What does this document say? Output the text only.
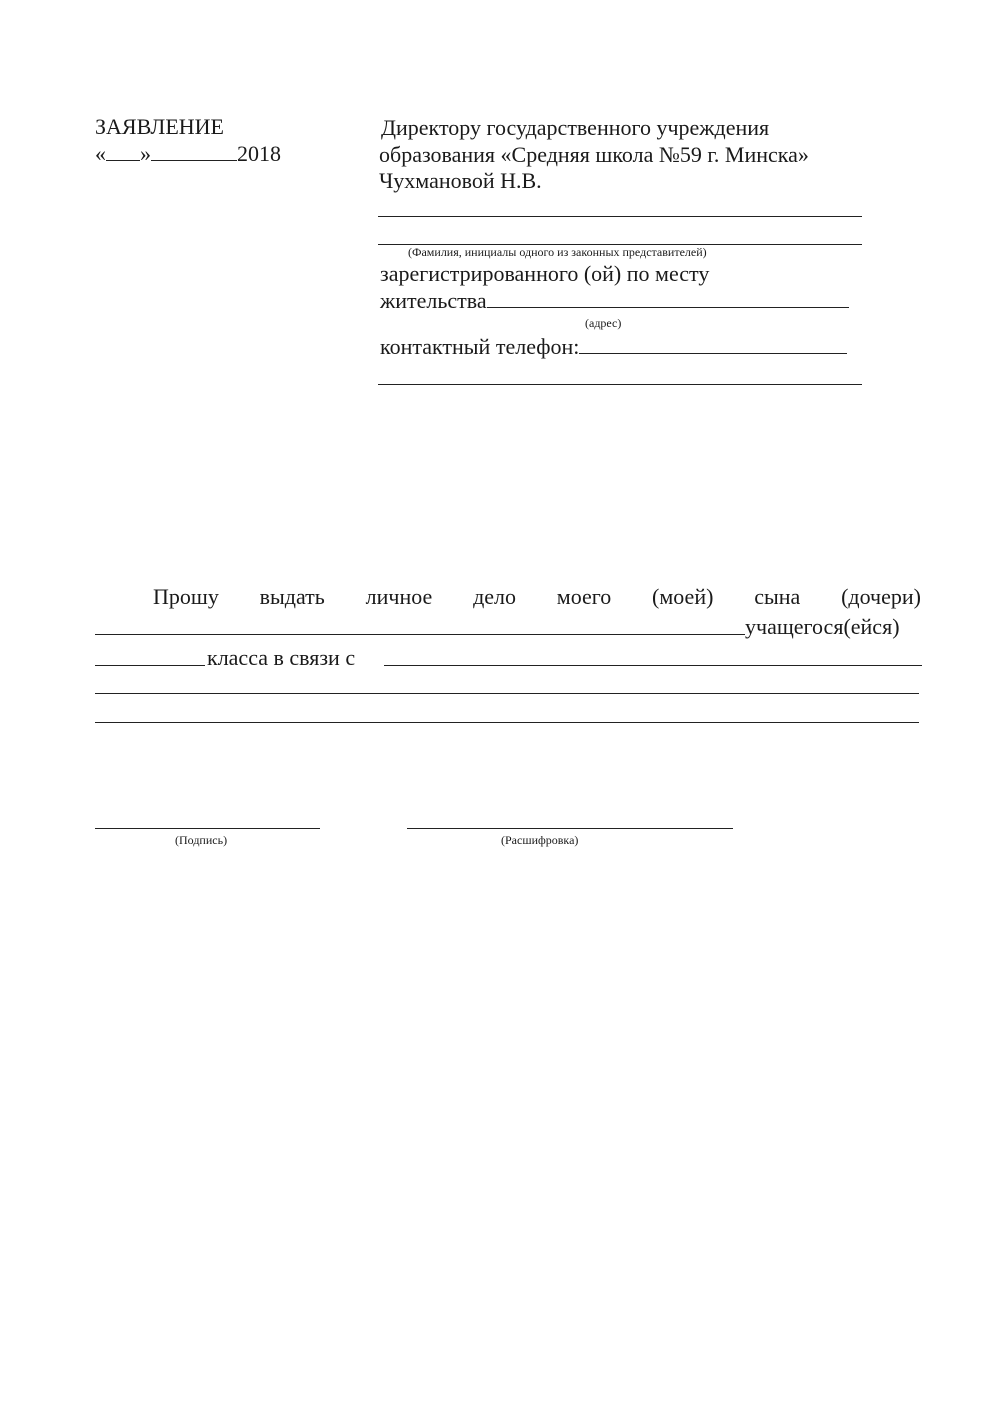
ЗАЯВЛЕНИЕ
« »	2018
Директору государственного учреждения
образования «Средняя школа №59 г. Минска»
Чухмановой Н.В.
(Фамилия, инициалы одного из законных представителей)
зарегистрированного (ой) по месту
жительства
(адрес)
контактный телефон:
Прошу выдать личное дело моего (моей) сына (дочери)
учащегося(ейся)
класса в связи с
(Подпись)	(Расшифровка)
